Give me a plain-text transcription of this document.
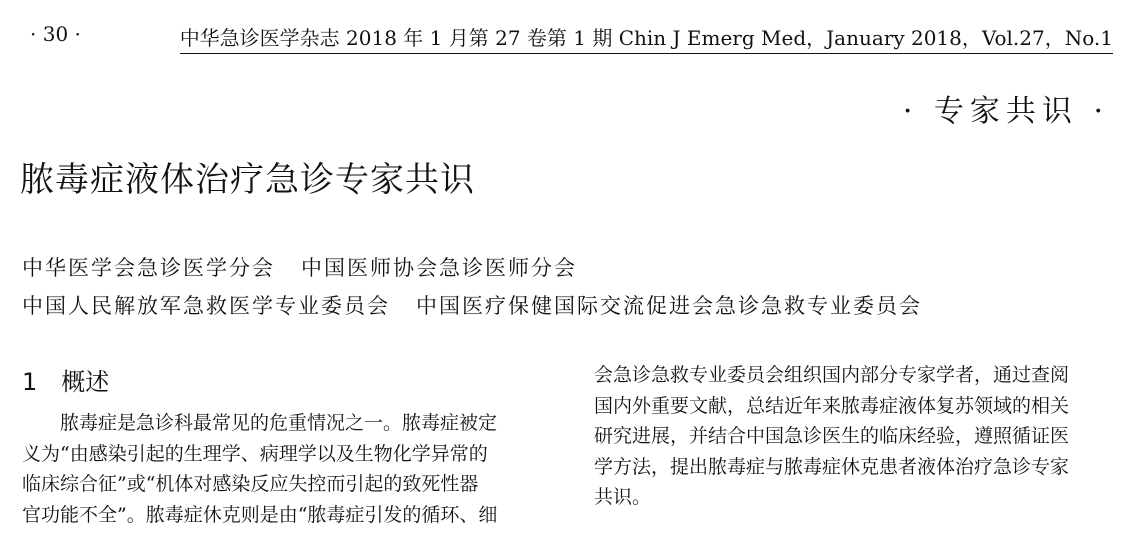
· 30 ·	中华急诊医学杂志 2018 年 1 月第 27 卷第 1 期 Chin J Emerg Med，January 2018，Vol.27，No.1
· 专家共识 ·
脓毒症液体治疗急诊专家共识
中华医学会急诊医学分会 中国医师协会急诊医师分会
中国人民解放军急救医学专业委员会 中国医疗保健国际交流促进会急诊急救专业委员会
1 概述
脓毒症是急诊科最常见的危重情况之一。脓毒症被定
义为“由感染引起的生理学、病理学以及生物化学异常的
临床综合征”或“机体对感染反应失控而引起的致死性器
官功能不全”。脓毒症休克则是由“脓毒症引发的循环、细
会急诊急救专业委员会组织国内部分专家学者，通过查阅
国内外重要文献，总结近年来脓毒症液体复苏领域的相关
研究进展，并结合中国急诊医生的临床经验，遵照循证医
学方法，提出脓毒症与脓毒症休克患者液体治疗急诊专家
共识。
